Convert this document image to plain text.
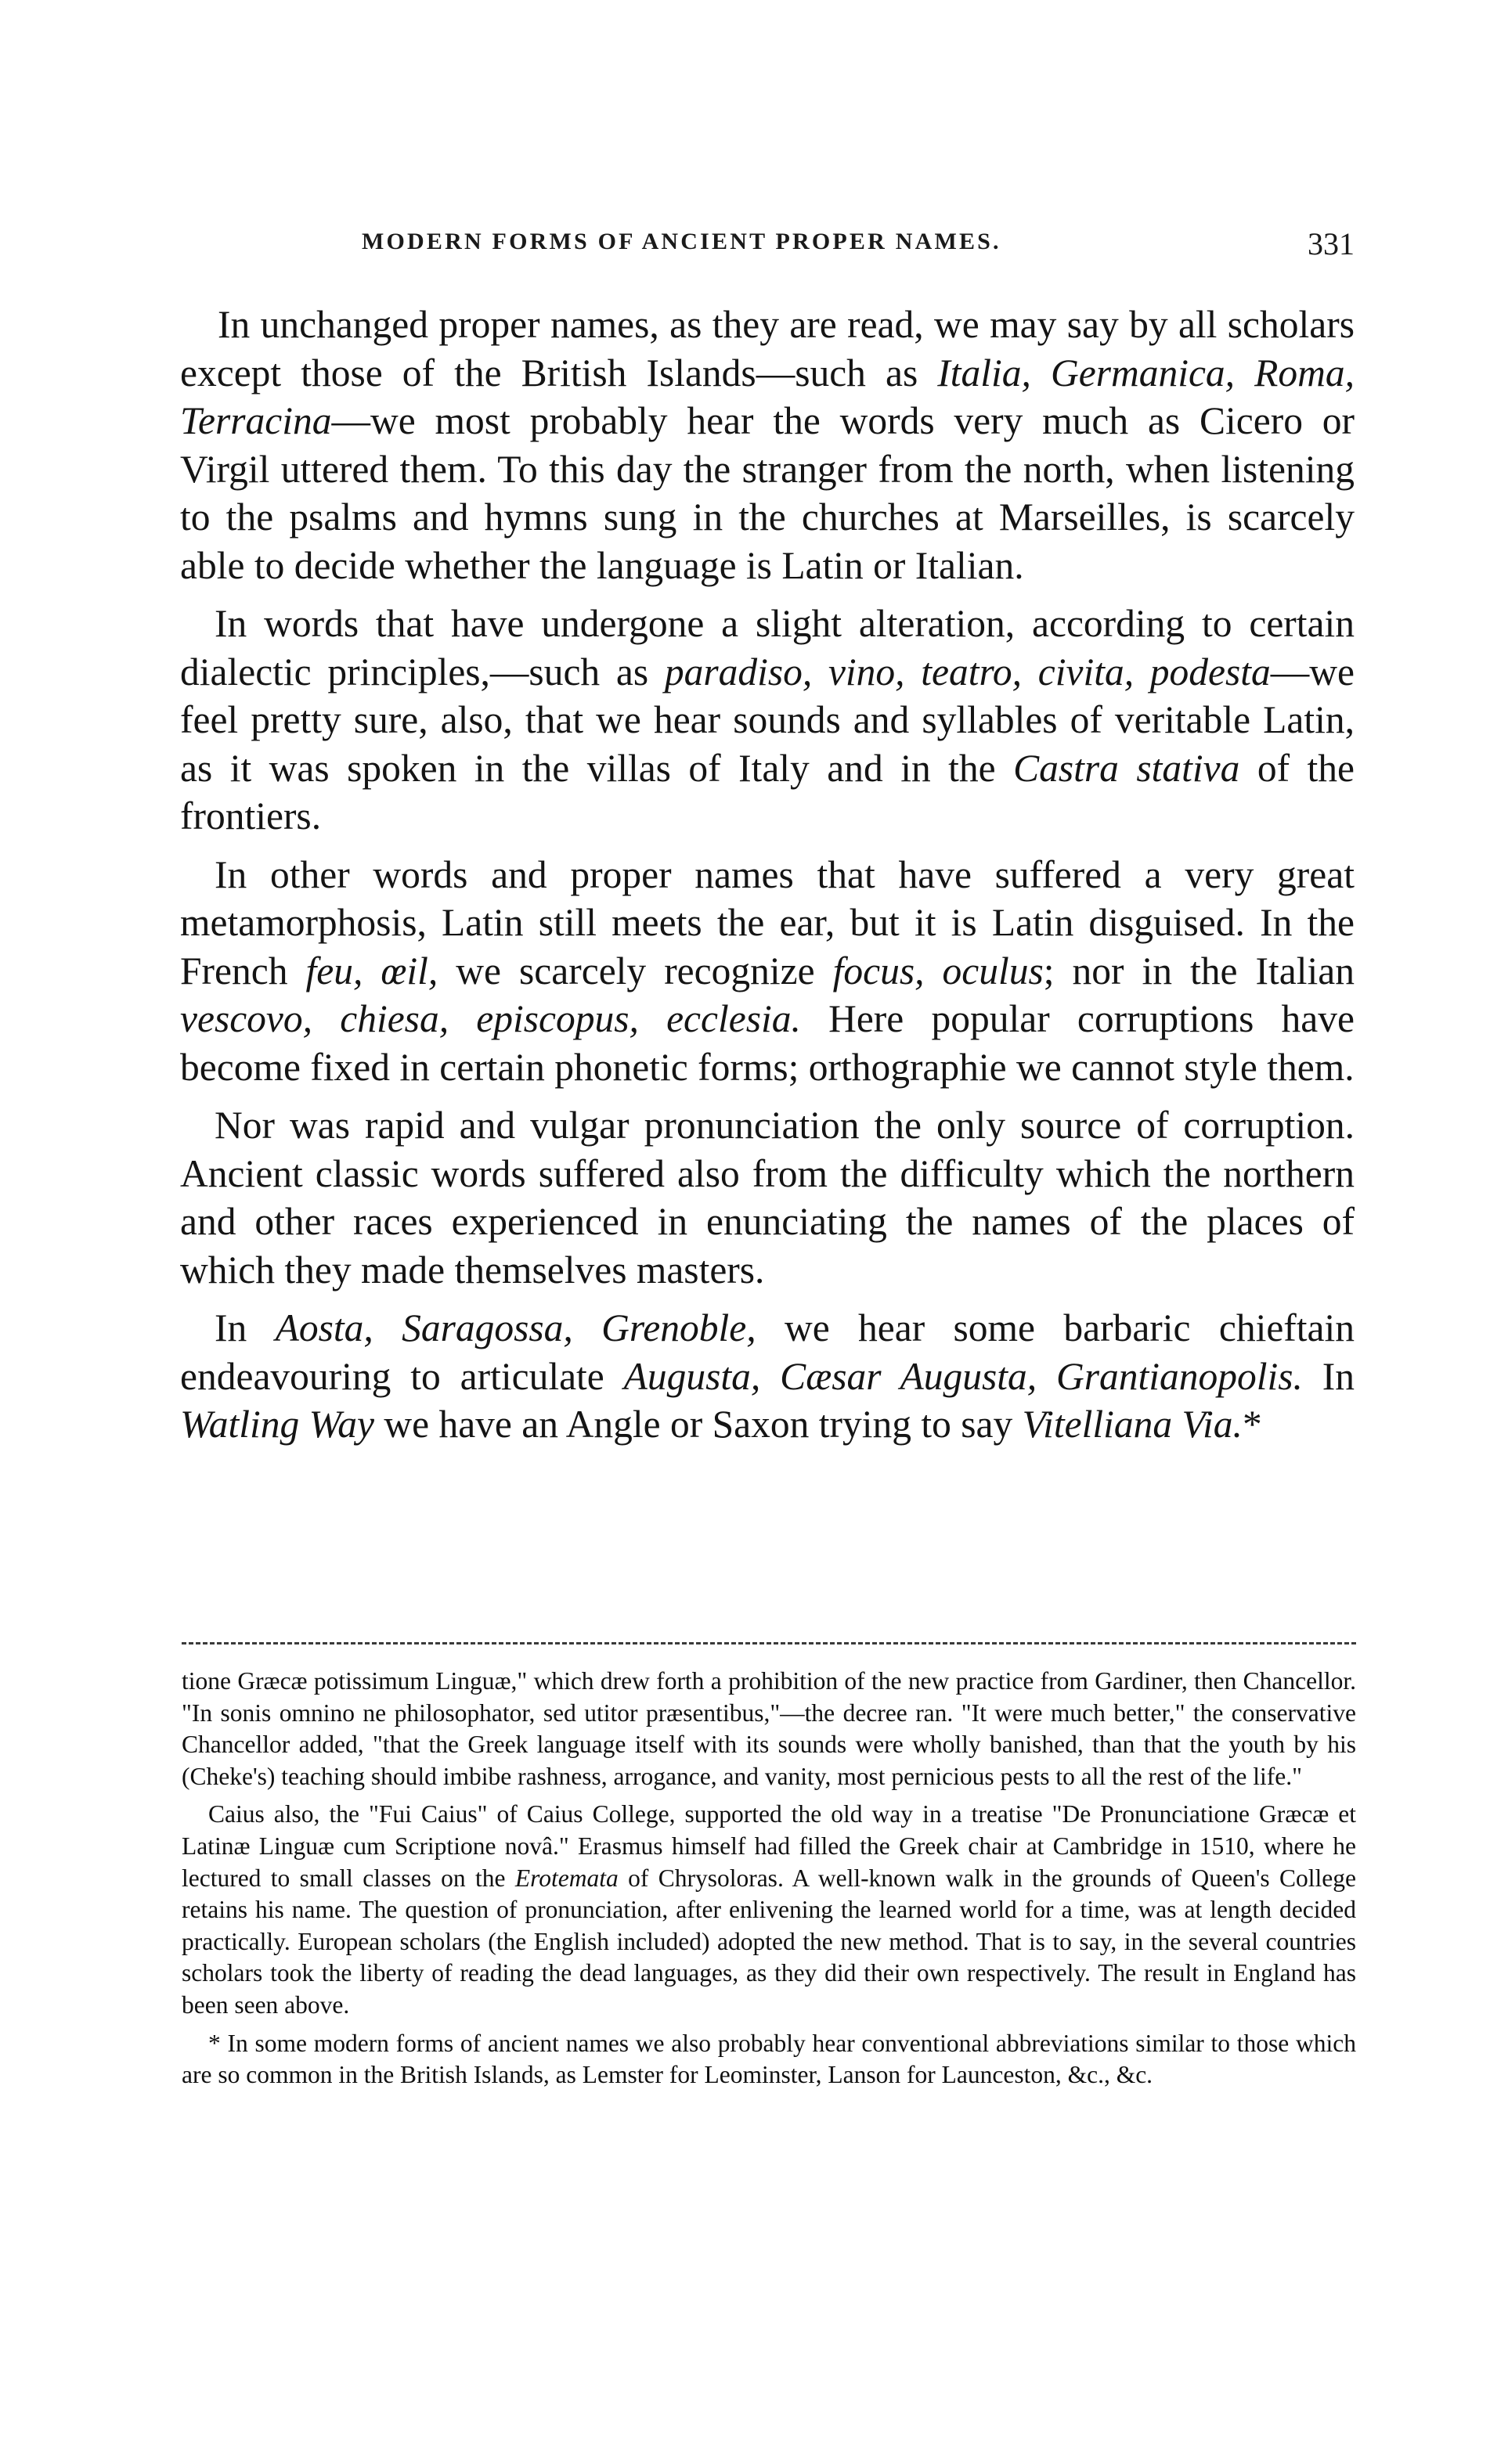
MODERN FORMS OF ANCIENT PROPER NAMES.	331

In unchanged proper names, as they are read, we may say by all scholars except those of the British Islands—such as Italia, Germanica, Roma, Terracina—we most probably hear the words very much as Cicero or Virgil uttered them. To this day the stranger from the north, when listening to the psalms and hymns sung in the churches at Marseilles, is scarcely able to decide whether the language is Latin or Italian.

In words that have undergone a slight alteration, according to certain dialectic principles,—such as paradiso, vino, teatro, civita, podesta—we feel pretty sure, also, that we hear sounds and syllables of veritable Latin, as it was spoken in the villas of Italy and in the Castra stativa of the frontiers.

In other words and proper names that have suffered a very great metamorphosis, Latin still meets the ear, but it is Latin disguised. In the French feu, œil, we scarcely recognize focus, oculus; nor in the Italian vescovo, chiesa, episcopus, ecclesia. Here popular corruptions have become fixed in certain phonetic forms; orthographie we cannot style them.

Nor was rapid and vulgar pronunciation the only source of corruption. Ancient classic words suffered also from the difficulty which the northern and other races experienced in enunciating the names of the places of which they made themselves masters.

In Aosta, Saragossa, Grenoble, we hear some barbaric chieftain endeavouring to articulate Augusta, Cæsar Augusta, Grantianopolis. In Watling Way we have an Angle or Saxon trying to say Vitelliana Via.*

tione Græcæ potissimum Linguæ," which drew forth a prohibition of the new practice from Gardiner, then Chancellor. "In sonis omnino ne philosophator, sed utitor præsentibus,"—the decree ran. "It were much better," the conservative Chancellor added, "that the Greek language itself with its sounds were wholly banished, than that the youth by his (Cheke's) teaching should imbibe rashness, arrogance, and vanity, most pernicious pests to all the rest of the life."

Caius also, the "Fui Caius" of Caius College, supported the old way in a treatise "De Pronunciatione Græcæ et Latinæ Linguæ cum Scriptione novâ." Erasmus himself had filled the Greek chair at Cambridge in 1510, where he lectured to small classes on the Erotemata of Chrysoloras. A well-known walk in the grounds of Queen's College retains his name. The question of pronunciation, after enlivening the learned world for a time, was at length decided practically. European scholars (the English included) adopted the new method. That is to say, in the several countries scholars took the liberty of reading the dead languages, as they did their own respectively. The result in England has been seen above.

* In some modern forms of ancient names we also probably hear conventional abbreviations similar to those which are so common in the British Islands, as Lemster for Leominster, Lanson for Launceston, &c., &c.
